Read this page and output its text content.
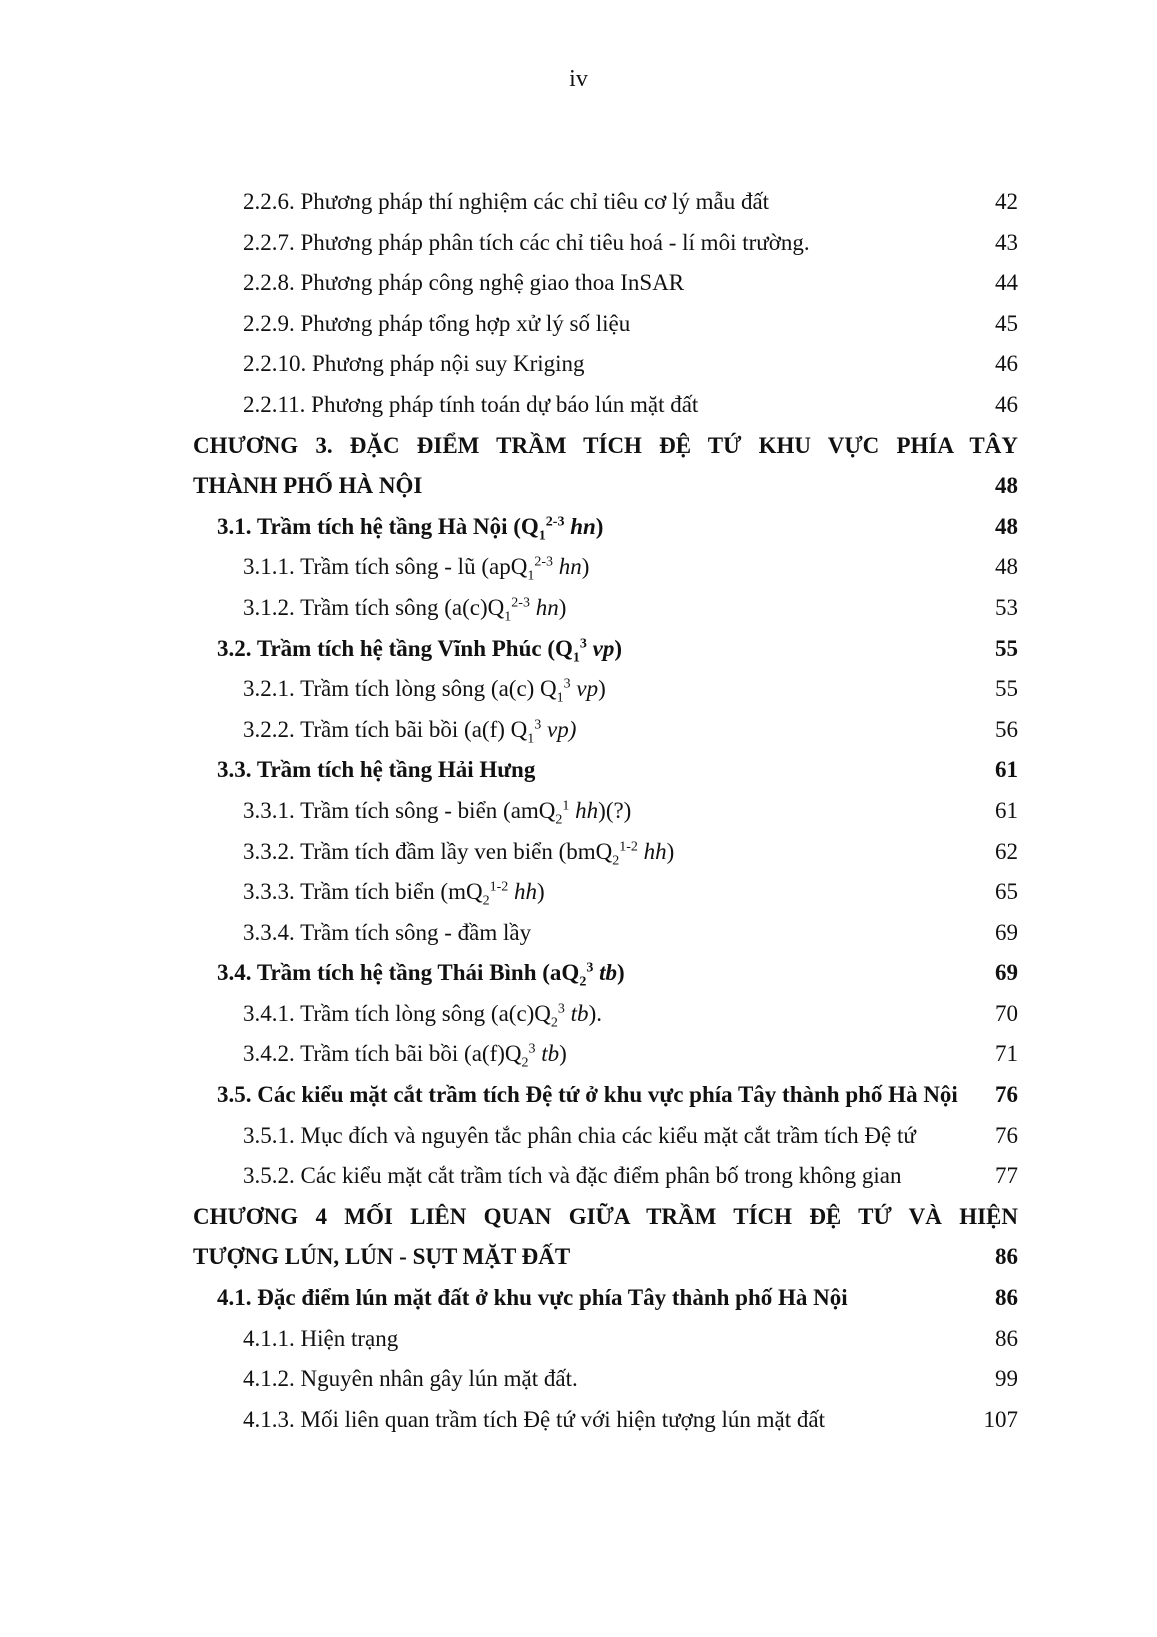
iv
2.2.6. Phương pháp thí nghiệm các chỉ tiêu cơ lý mẫu đất	42
2.2.7. Phương pháp phân tích các chỉ tiêu hoá - lí môi trường.	43
2.2.8. Phương pháp công nghệ giao thoa InSAR	44
2.2.9. Phương pháp tổng hợp xử lý số liệu	45
2.2.10. Phương pháp nội suy Kriging	46
2.2.11. Phương pháp tính toán dự báo lún mặt đất	46
CHƯƠNG 3. ĐẶC ĐIỂM TRẦM TÍCH ĐỆ TỨ KHU VỰC PHÍA TÂY
THÀNH PHỐ HÀ NỘI	48
3.1. Trầm tích hệ tầng Hà Nội ($Q_1^{2-3}$ hn)	48
3.1.1. Trầm tích sông - lũ (apQ$_1^{2-3}$ hn)	48
3.1.2. Trầm tích sông ($a(c)Q_1^{2-3}$ hn)	53
3.2. Trầm tích hệ tầng Vĩnh Phúc ($Q_1^3$ vp)	55
3.2.1. Trầm tích lòng sông (a(c) $Q_1^3$ vp)	55
3.2.2. Trầm tích bãi bồi (a(f) $Q_1^3$ vp)	56
3.3. Trầm tích hệ tầng Hải Hưng	61
3.3.1. Trầm tích sông - biển (amQ$_2^1$ hh)(?)	61
3.3.2. Trầm tích đầm lầy ven biển (bmQ$_2^{1-2}$ hh)	62
3.3.3. Trầm tích biển ($mQ_2^{1-2}$ hh)	65
3.3.4. Trầm tích sông - đầm lầy	69
3.4. Trầm tích hệ tầng Thái Bình ($aQ_2^3$ tb)	69
3.4.1. Trầm tích lòng sông ($a(c)Q_2^3$ tb).	70
3.4.2. Trầm tích bãi bồi ($a(f)Q_2^3$ tb)	71
3.5. Các kiểu mặt cắt trầm tích Đệ tứ ở khu vực phía Tây thành phố Hà Nội 76
3.5.1. Mục đích và nguyên tắc phân chia các kiểu mặt cắt trầm tích Đệ tứ	76
3.5.2. Các kiểu mặt cắt trầm tích và đặc điểm phân bố trong không gian	77
CHƯƠNG 4 MỐI LIÊN QUAN GIỮA TRẦM TÍCH ĐỆ TỨ VÀ HIỆN
TƯỢNG LÚN, LÚN - SỤT MẶT ĐẤT	86
4.1. Đặc điểm lún mặt đất ở khu vực phía Tây thành phố Hà Nội	86
4.1.1. Hiện trạng	86
4.1.2. Nguyên nhân gây lún mặt đất.	99
4.1.3. Mối liên quan trầm tích Đệ tứ với hiện tượng lún mặt đất	107
